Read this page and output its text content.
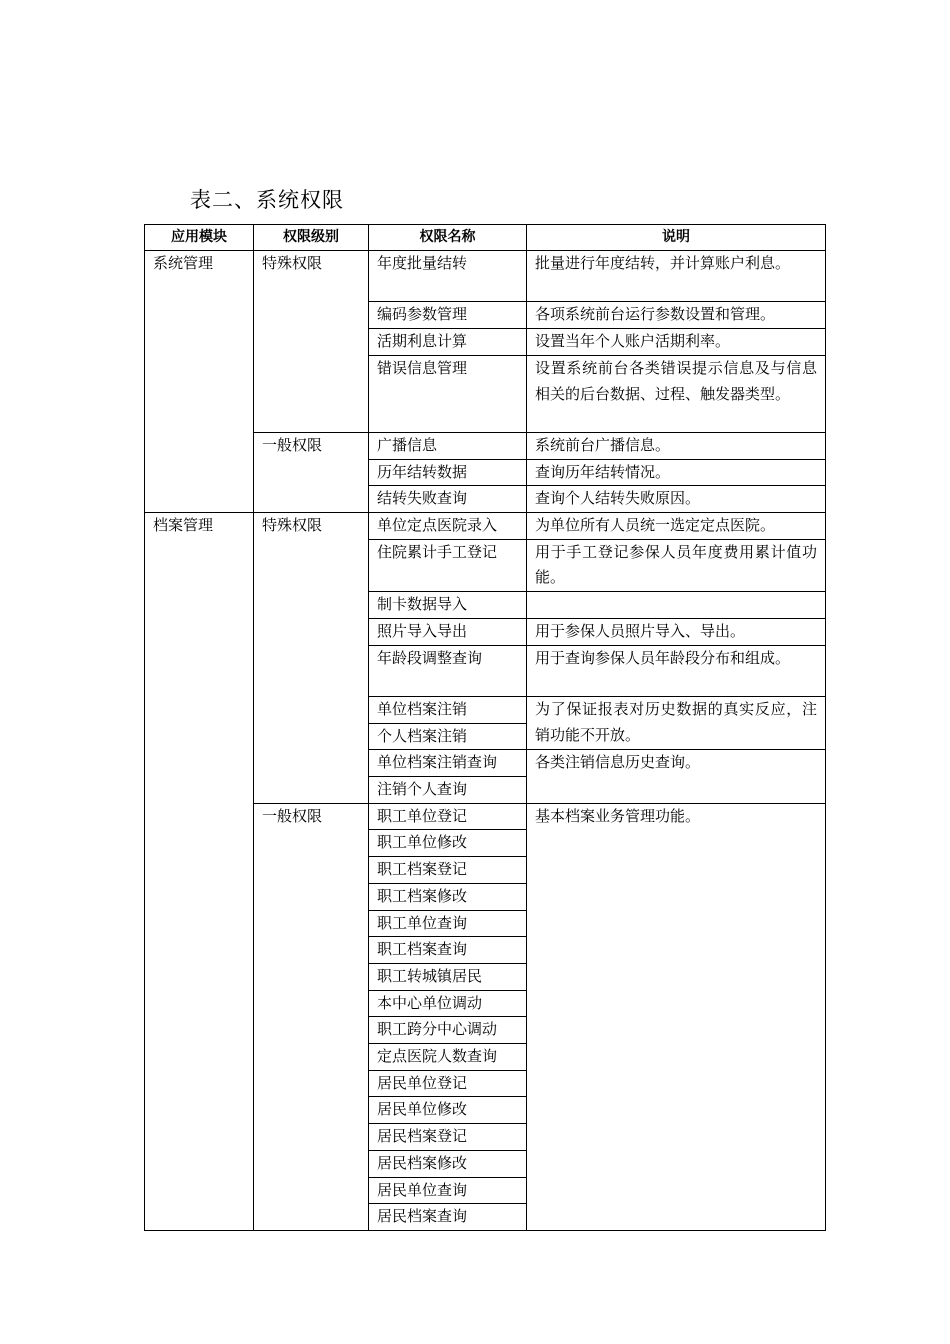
表二、系统权限
应用模块	权限级别	权限名称	说明
系统管理	特殊权限	年度批量结转	批量进行年度结转，并计算账户利息。
		编码参数管理	各项系统前台运行参数设置和管理。
		活期利息计算	设置当年个人账户活期利率。
		错误信息管理	设置系统前台各类错误提示信息及与信息相关的后台数据、过程、触发器类型。
	一般权限	广播信息	系统前台广播信息。
		历年结转数据	查询历年结转情况。
		结转失败查询	查询个人结转失败原因。
档案管理	特殊权限	单位定点医院录入	为单位所有人员统一选定定点医院。
		住院累计手工登记	用于手工登记参保人员年度费用累计值功能。
		制卡数据导入	
		照片导入导出	用于参保人员照片导入、导出。
		年龄段调整查询	用于查询参保人员年龄段分布和组成。
		单位档案注销	为了保证报表对历史数据的真实反应，注销功能不开放。
		个人档案注销	
		单位档案注销查询	各类注销信息历史查询。
		注销个人查询	
	一般权限	职工单位登记	基本档案业务管理功能。
		职工单位修改	
		职工档案登记	
		职工档案修改	
		职工单位查询	
		职工档案查询	
		职工转城镇居民	
		本中心单位调动	
		职工跨分中心调动	
		定点医院人数查询	
		居民单位登记	
		居民单位修改	
		居民档案登记	
		居民档案修改	
		居民单位查询	
		居民档案查询	
